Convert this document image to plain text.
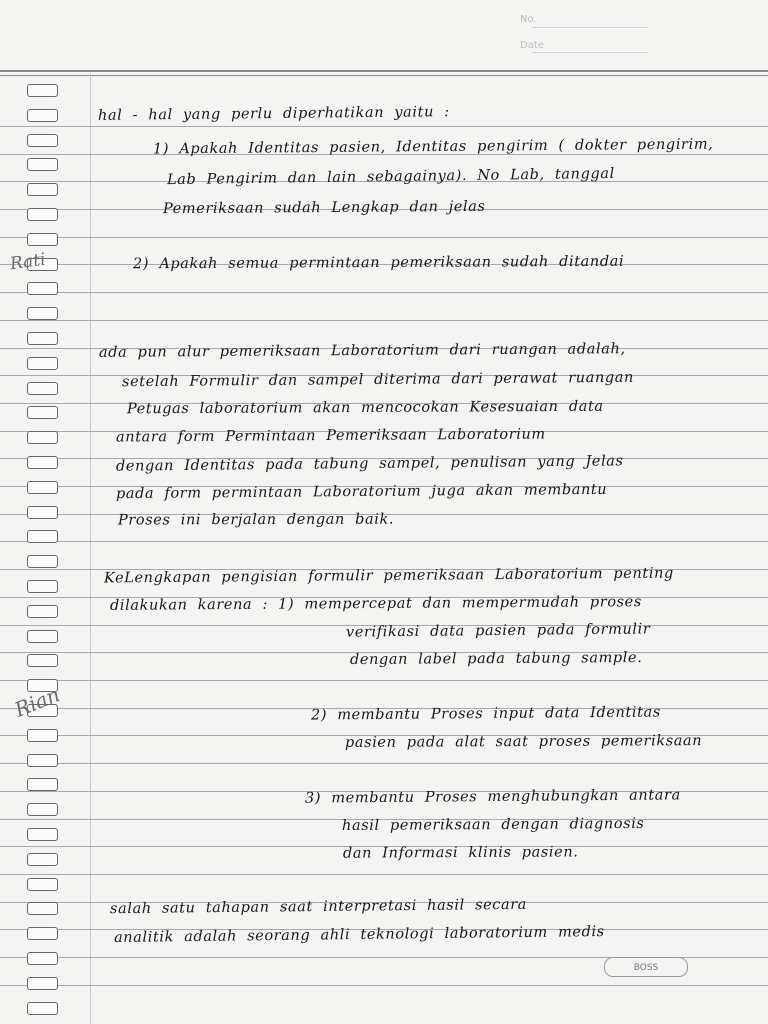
No.
Date
Rati
Rian
hal - hal yang perlu diperhatikan yaitu :
1) Apakah Identitas pasien, Identitas pengirim ( dokter pengirim,
Lab Pengirim dan lain sebagainya). No Lab, tanggal
Pemeriksaan sudah Lengkap dan jelas
2) Apakah semua permintaan pemeriksaan sudah ditandai
ada pun alur pemeriksaan Laboratorium dari ruangan adalah,
setelah Formulir dan sampel diterima dari perawat ruangan
Petugas laboratorium akan mencocokan Kesesuaian data
antara form Permintaan Pemeriksaan Laboratorium
dengan Identitas pada tabung sampel, penulisan yang Jelas
pada form permintaan Laboratorium juga akan membantu
Proses ini berjalan dengan baik.
KeLengkapan pengisian formulir pemeriksaan Laboratorium penting
dilakukan karena : 1) mempercepat dan mempermudah proses
verifikasi data pasien pada formulir
dengan label pada tabung sample.
2) membantu Proses input data Identitas
pasien pada alat saat proses pemeriksaan
3) membantu Proses menghubungkan antara
hasil pemeriksaan dengan diagnosis
dan Informasi klinis pasien.
salah satu tahapan saat interpretasi hasil secara
analitik adalah seorang ahli teknologi laboratorium medis
BOSS
